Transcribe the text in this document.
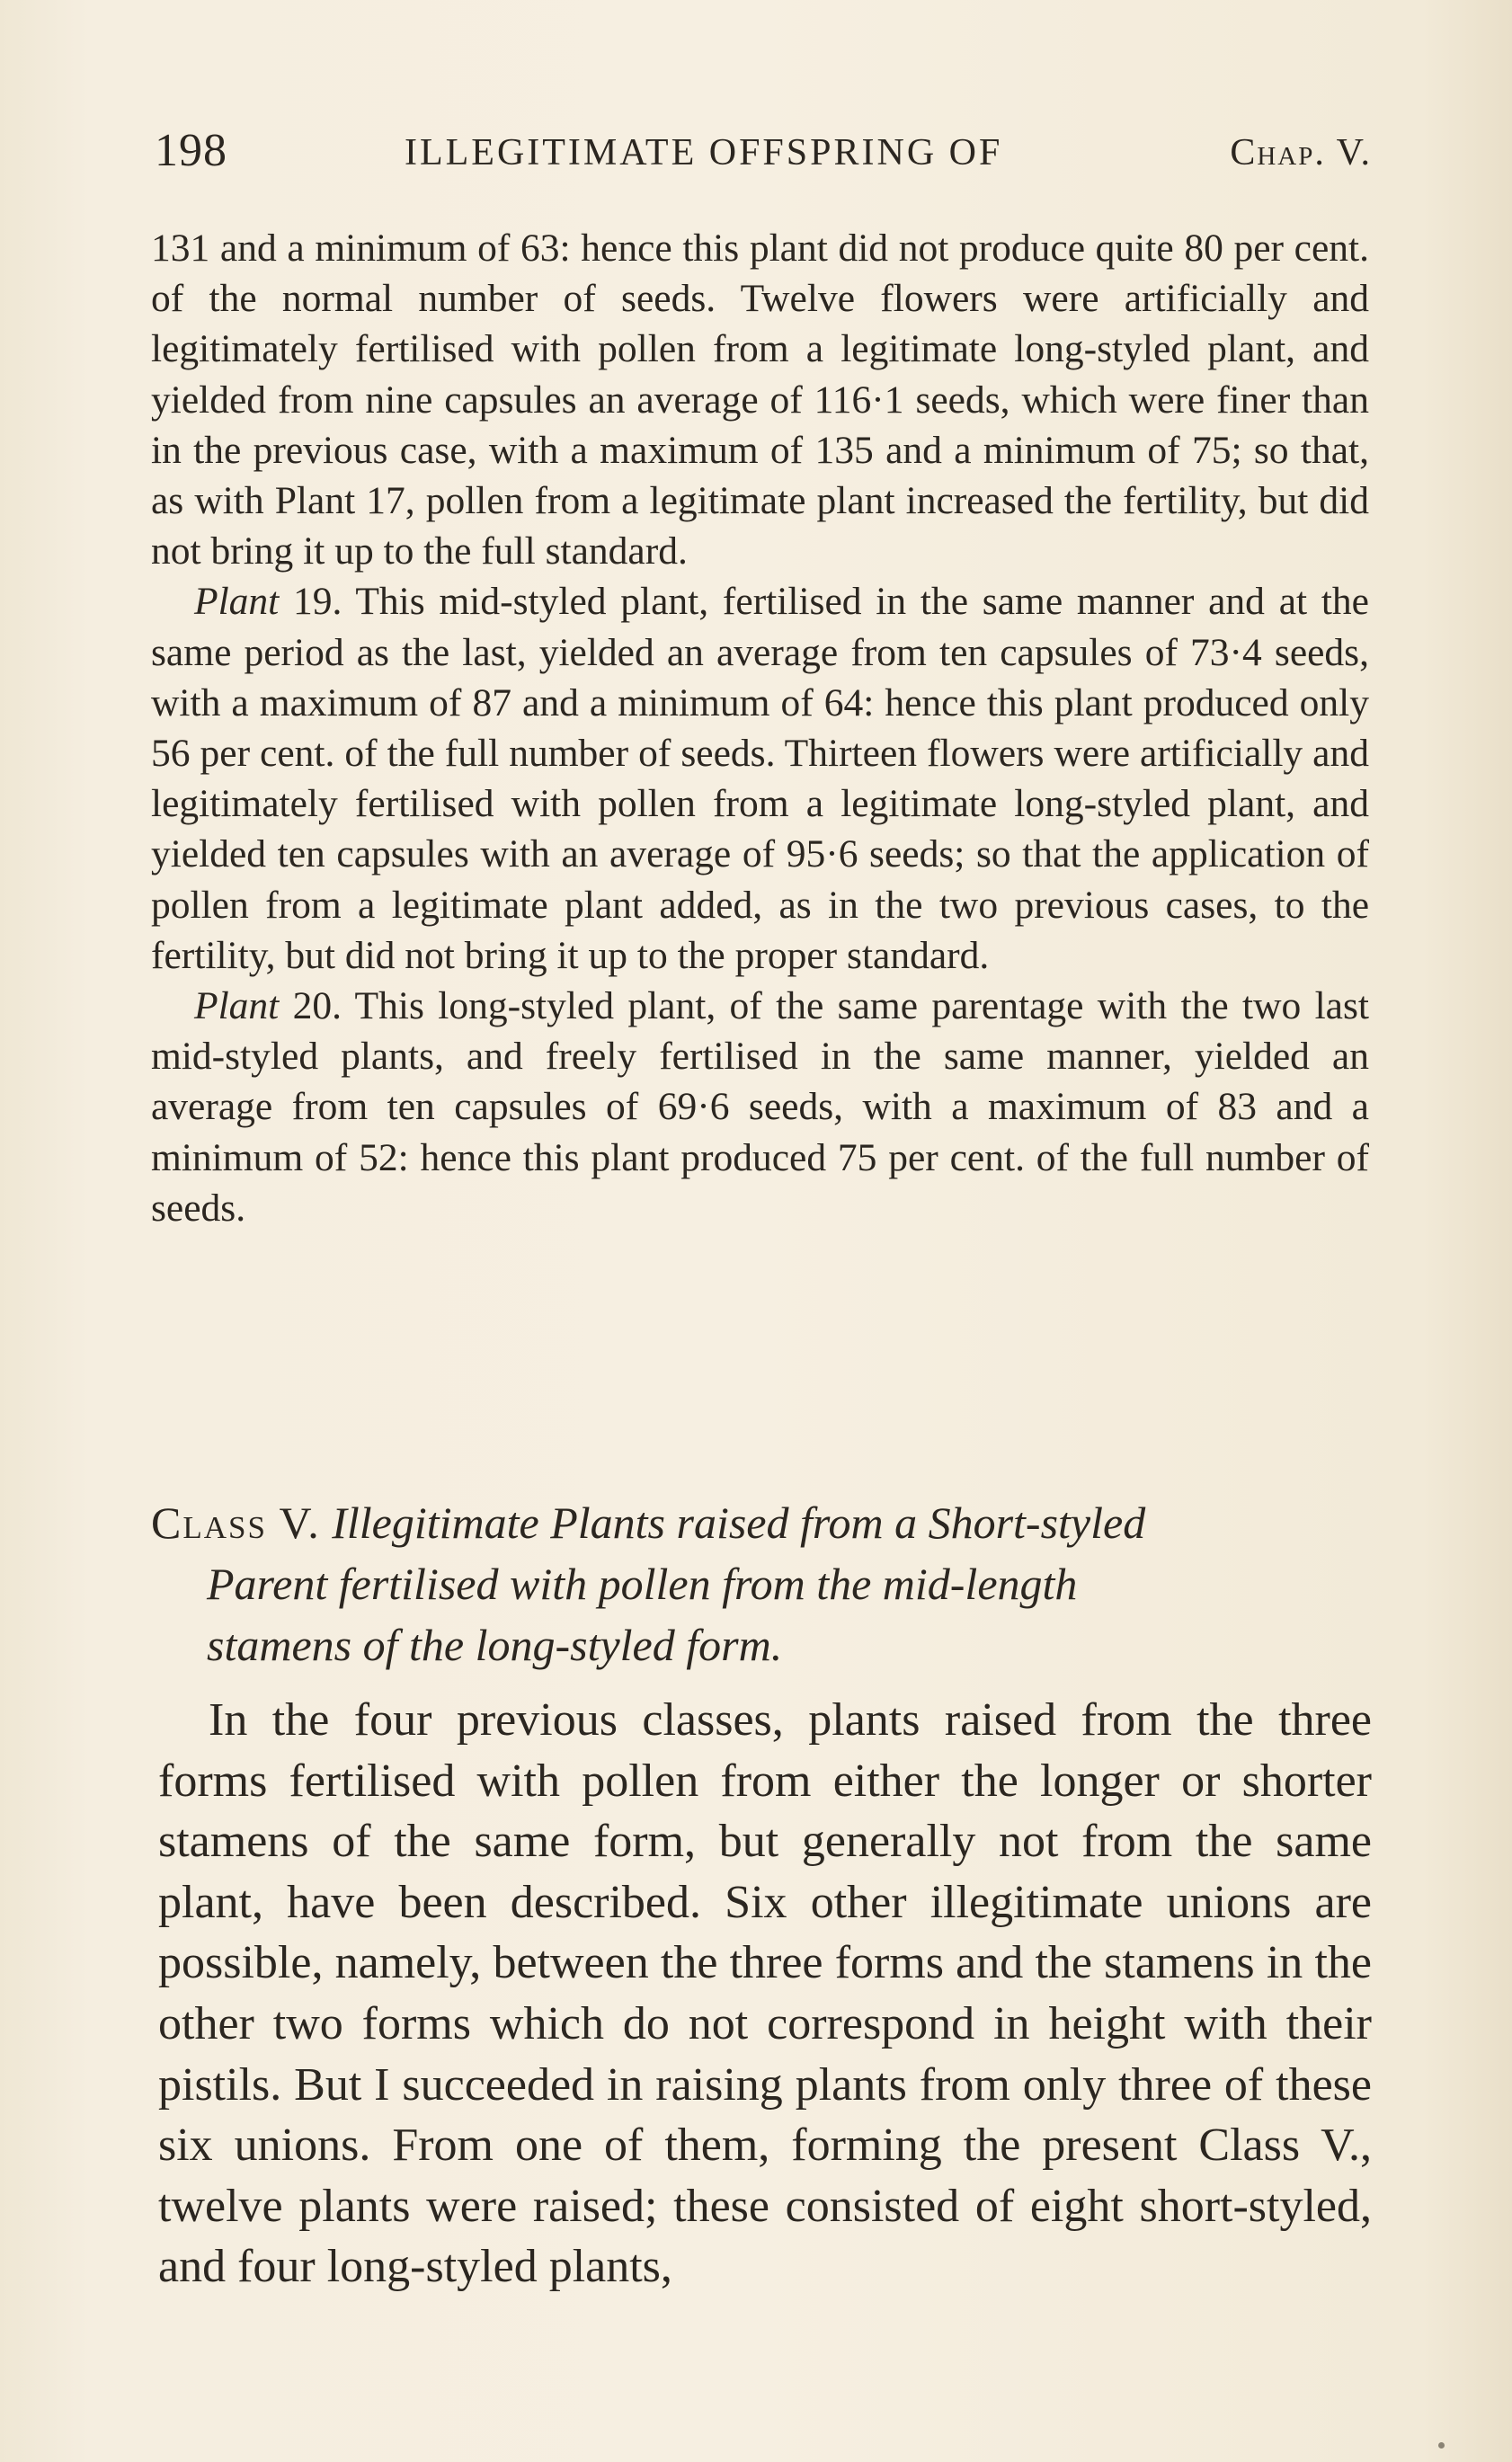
198	ILLEGITIMATE OFFSPRING OF	Chap. V.

131 and a minimum of 63: hence this plant did not produce quite 80 per cent. of the normal number of seeds. Twelve flowers were artificially and legitimately fertilised with pollen from a legitimate long-styled plant, and yielded from nine capsules an average of 116·1 seeds, which were finer than in the previous case, with a maximum of 135 and a minimum of 75; so that, as with Plant 17, pollen from a legitimate plant increased the fertility, but did not bring it up to the full standard.

Plant 19. This mid-styled plant, fertilised in the same manner and at the same period as the last, yielded an average from ten capsules of 73·4 seeds, with a maximum of 87 and a minimum of 64: hence this plant produced only 56 per cent. of the full number of seeds. Thirteen flowers were artificially and legitimately fertilised with pollen from a legitimate long-styled plant, and yielded ten capsules with an average of 95·6 seeds; so that the application of pollen from a legitimate plant added, as in the two previous cases, to the fertility, but did not bring it up to the proper standard.

Plant 20. This long-styled plant, of the same parentage with the two last mid-styled plants, and freely fertilised in the same manner, yielded an average from ten capsules of 69·6 seeds, with a maximum of 83 and a minimum of 52: hence this plant produced 75 per cent. of the full number of seeds.

Class V. Illegitimate Plants raised from a Short-styled
Parent fertilised with pollen from the mid-length
stamens of the long-styled form.

In the four previous classes, plants raised from the three forms fertilised with pollen from either the longer or shorter stamens of the same form, but generally not from the same plant, have been described. Six other illegitimate unions are possible, namely, between the three forms and the stamens in the other two forms which do not correspond in height with their pistils. But I succeeded in raising plants from only three of these six unions. From one of them, forming the present Class V., twelve plants were raised; these consisted of eight short-styled, and four long-styled plants,
